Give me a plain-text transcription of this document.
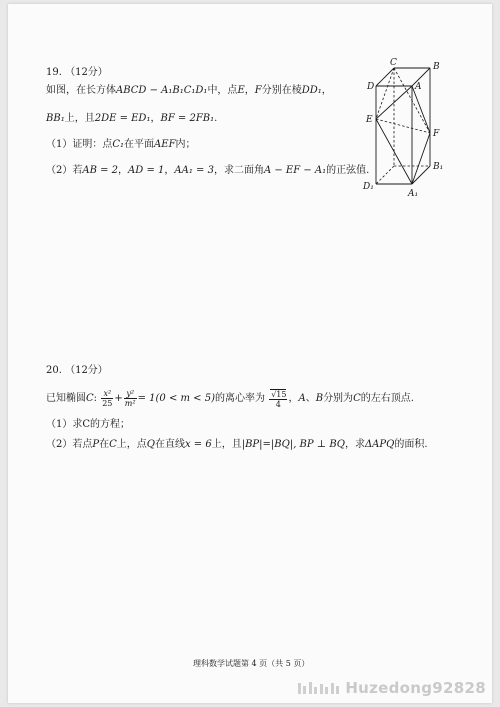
19. （12分）
如图，在长方体ABCD − A₁B₁C₁D₁中，点E，F分别在棱DD₁，
BB₁上，且2DE = ED₁，BF = 2FB₁.
（1）证明：点C₁在平面AEF内；
（2）若AB = 2，AD = 1，AA₁ = 3，求二面角A − EF − A₁的正弦值.
C	B
D	A
E
F
B₁
D₁
A₁
20. （12分）
已知椭圆C: $\frac{\text{x²}}{25} + \frac{\text{y²}}{\text{m²}} = 1(0 < m < 5)$的离心率为 $\frac{√15}{4}$ ，A、B分别为C的左右顶点.
（1）求C的方程；
（2）若点P在C上，点Q在直线x = 6上，且|BP|=|BQ|, BP ⊥ BQ，求ΔAPQ的面积.
理科数学试题第 4 页（共 5 页）
Huzedong92828
